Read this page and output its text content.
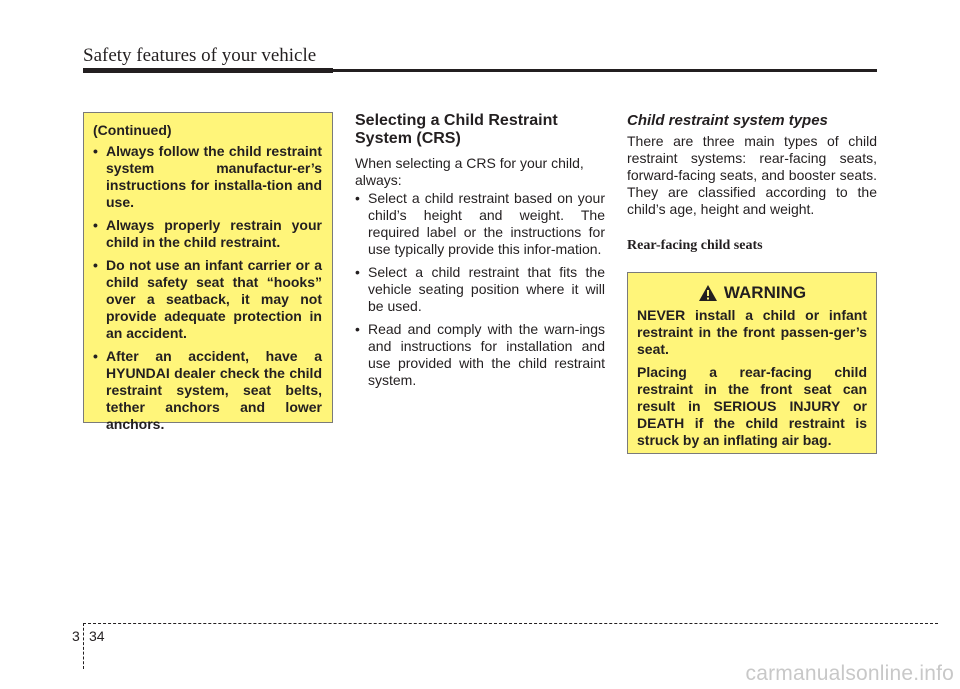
Safety features of your vehicle
(Continued)
• Always follow the child restraint system manufactur-er’s instructions for installa-tion and use.
• Always properly restrain your child in the child restraint.
• Do not use an infant carrier or a child safety seat that “hooks” over a seatback, it may not provide adequate protection in an accident.
• After an accident, have a HYUNDAI dealer check the child restraint system, seat belts, tether anchors and lower anchors.
Selecting a Child Restraint System (CRS)
When selecting a CRS for your child, always:
• Select a child restraint based on your child’s height and weight. The required label or the instructions for use typically provide this infor-mation.
• Select a child restraint that fits the vehicle seating position where it will be used.
• Read and comply with the warn-ings and instructions for installation and use provided with the child restraint system.
Child restraint system types
There are three main types of child restraint systems: rear-facing seats, forward-facing seats, and booster seats. They are classified according to the child’s age, height and weight.
Rear-facing child seats
WARNING

NEVER install a child or infant restraint in the front passen-ger’s seat.

Placing a rear-facing child restraint in the front seat can result in SERIOUS INJURY or DEATH if the child restraint is struck by an inflating air bag.

3 34
carmanualsonline.info
